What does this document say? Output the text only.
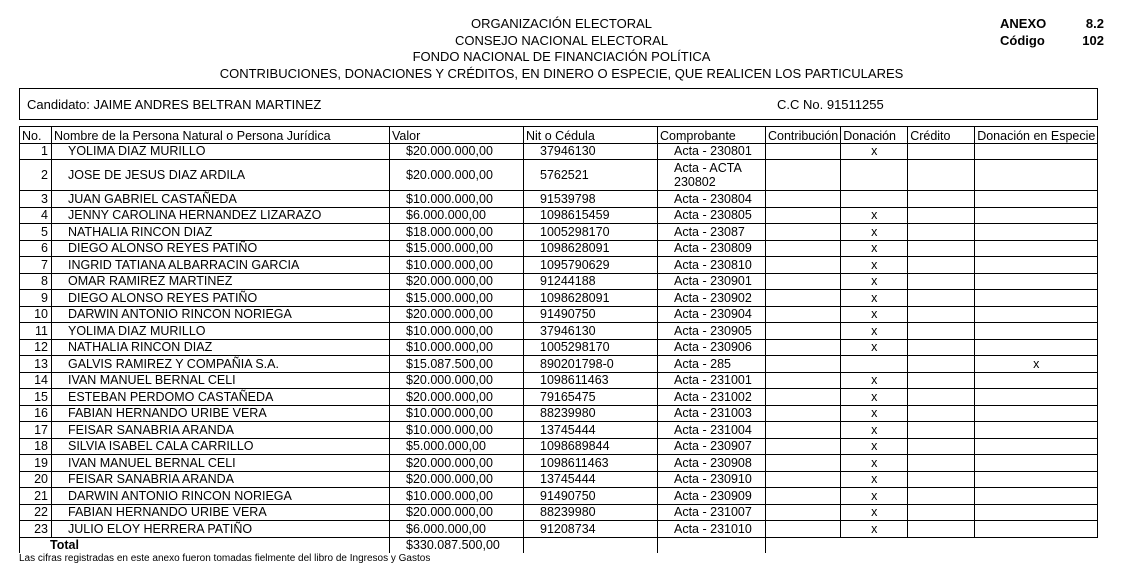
ORGANIZACIÓN ELECTORAL
CONSEJO NACIONAL ELECTORAL
FONDO NACIONAL DE FINANCIACIÓN POLÍTICA
CONTRIBUCIONES, DONACIONES Y CRÉDITOS, EN DINERO O ESPECIE, QUE REALICEN LOS PARTICULARES
ANEXO	8.2
Código	102
Candidato: JAIME ANDRES BELTRAN MARTINEZ	C.C No. 91511255
No.	Nombre de la Persona Natural o Persona Jurídica	Valor	Nit o Cédula	Comprobante	Contribución	Donación	Crédito	Donación en Especie
1	YOLIMA DIAZ MURILLO	$20.000.000,00	37946130	Acta - 230801		x		
2	JOSE DE JESUS DIAZ ARDILA	$20.000.000,00	5762521	Acta - ACTA 230802				
3	JUAN GABRIEL CASTAÑEDA	$10.000.000,00	91539798	Acta - 230804				
4	JENNY CAROLINA HERNANDEZ LIZARAZO	$6.000.000,00	1098615459	Acta - 230805		x		
5	NATHALIA RINCON DIAZ	$18.000.000,00	1005298170	Acta - 23087		x		
6	DIEGO ALONSO REYES PATIÑO	$15.000.000,00	1098628091	Acta - 230809		x		
7	INGRID TATIANA ALBARRACIN GARCIA	$10.000.000,00	1095790629	Acta - 230810		x		
8	OMAR RAMIREZ MARTINEZ	$20.000.000,00	91244188	Acta - 230901		x		
9	DIEGO ALONSO REYES PATIÑO	$15.000.000,00	1098628091	Acta - 230902		x		
10	DARWIN ANTONIO RINCON NORIEGA	$20.000.000,00	91490750	Acta - 230904		x		
11	YOLIMA DIAZ MURILLO	$10.000.000,00	37946130	Acta - 230905		x		
12	NATHALIA RINCON DIAZ	$10.000.000,00	1005298170	Acta - 230906		x		
13	GALVIS RAMIREZ Y COMPAÑIA S.A.	$15.087.500,00	890201798-0	Acta - 285				x
14	IVAN MANUEL BERNAL CELI	$20.000.000,00	1098611463	Acta - 231001		x		
15	ESTEBAN PERDOMO CASTAÑEDA	$20.000.000,00	79165475	Acta - 231002		x		
16	FABIAN HERNANDO URIBE VERA	$10.000.000,00	88239980	Acta - 231003		x		
17	FEISAR SANABRIA ARANDA	$10.000.000,00	13745444	Acta - 231004		x		
18	SILVIA ISABEL CALA CARRILLO	$5.000.000,00	1098689844	Acta - 230907		x		
19	IVAN MANUEL BERNAL CELI	$20.000.000,00	1098611463	Acta - 230908		x		
20	FEISAR SANABRIA ARANDA	$20.000.000,00	13745444	Acta - 230910		x		
21	DARWIN ANTONIO RINCON NORIEGA	$10.000.000,00	91490750	Acta - 230909		x		
22	FABIAN HERNANDO URIBE VERA	$20.000.000,00	88239980	Acta - 231007		x		
23	JULIO ELOY HERRERA PATIÑO	$6.000.000,00	91208734	Acta - 231010		x		
Total		$330.087.500,00						
Las cifras registradas en este anexo fueron tomadas fielmente del libro de Ingresos y Gastos
